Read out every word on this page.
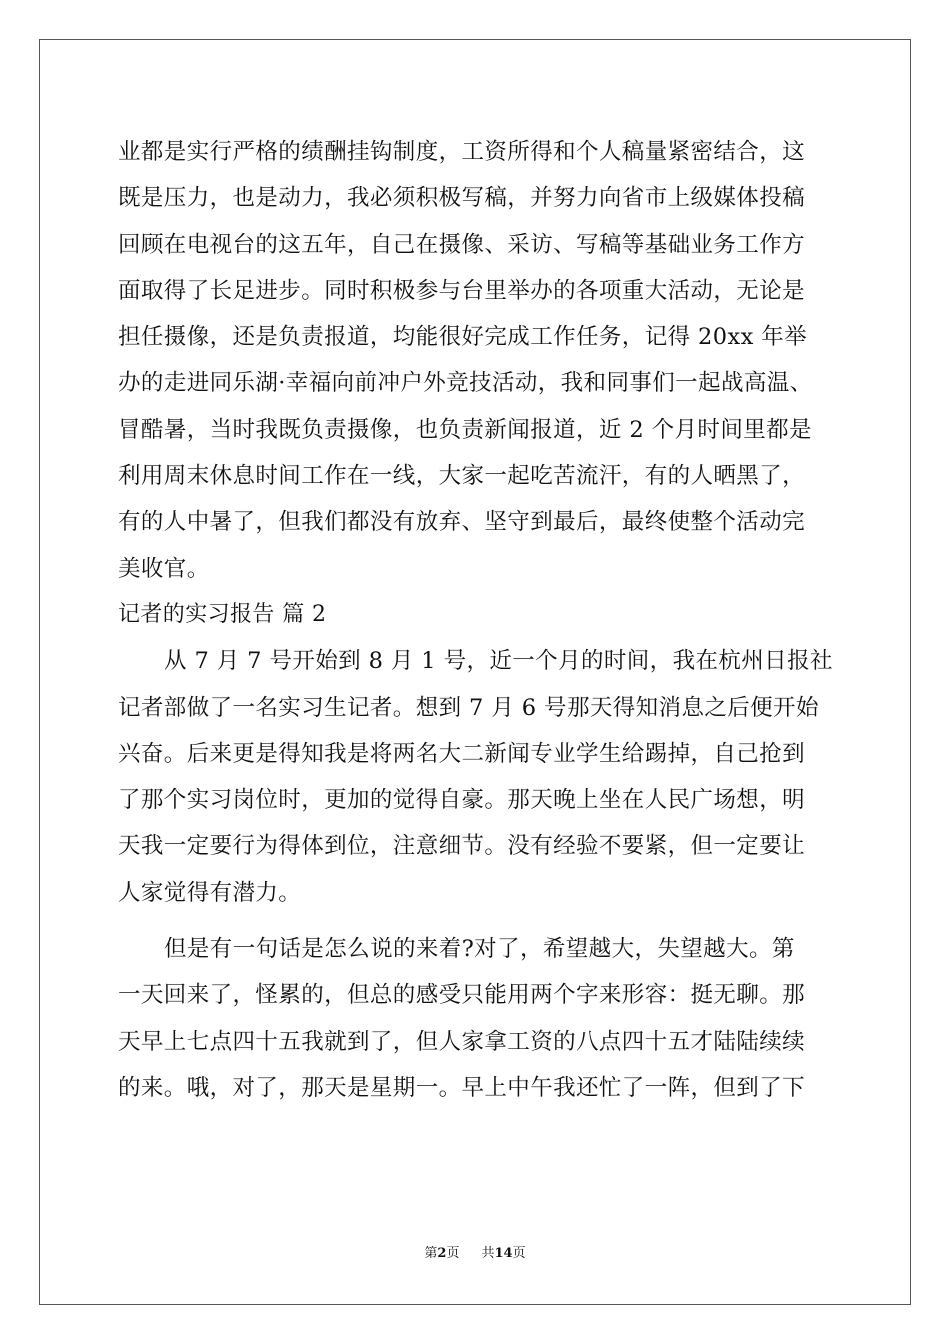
业都是实行严格的绩酬挂钩制度，工资所得和个人稿量紧密结合，这
既是压力，也是动力，我必须积极写稿，并努力向省市上级媒体投稿
回顾在电视台的这五年，自己在摄像、采访、写稿等基础业务工作方
面取得了长足进步。同时积极参与台里举办的各项重大活动，无论是
担任摄像，还是负责报道，均能很好完成工作任务，记得 20xx 年举
办的走进同乐湖·幸福向前冲户外竞技活动，我和同事们一起战高温、
冒酷暑，当时我既负责摄像，也负责新闻报道，近 2 个月时间里都是
利用周末休息时间工作在一线，大家一起吃苦流汗，有的人晒黑了，
有的人中暑了，但我们都没有放弃、坚守到最后，最终使整个活动完
美收官。
记者的实习报告 篇 2
从 7 月 7 号开始到 8 月 1 号，近一个月的时间，我在杭州日报社
记者部做了一名实习生记者。想到 7 月 6 号那天得知消息之后便开始
兴奋。后来更是得知我是将两名大二新闻专业学生给踢掉，自己抢到
了那个实习岗位时，更加的觉得自豪。那天晚上坐在人民广场想，明
天我一定要行为得体到位，注意细节。没有经验不要紧，但一定要让
人家觉得有潜力。
但是有一句话是怎么说的来着?对了，希望越大，失望越大。第
一天回来了，怪累的，但总的感受只能用两个字来形容：挺无聊。那
天早上七点四十五我就到了，但人家拿工资的八点四十五才陆陆续续
的来。哦，对了，那天是星期一。早上中午我还忙了一阵，但到了下
第2页 共14页
